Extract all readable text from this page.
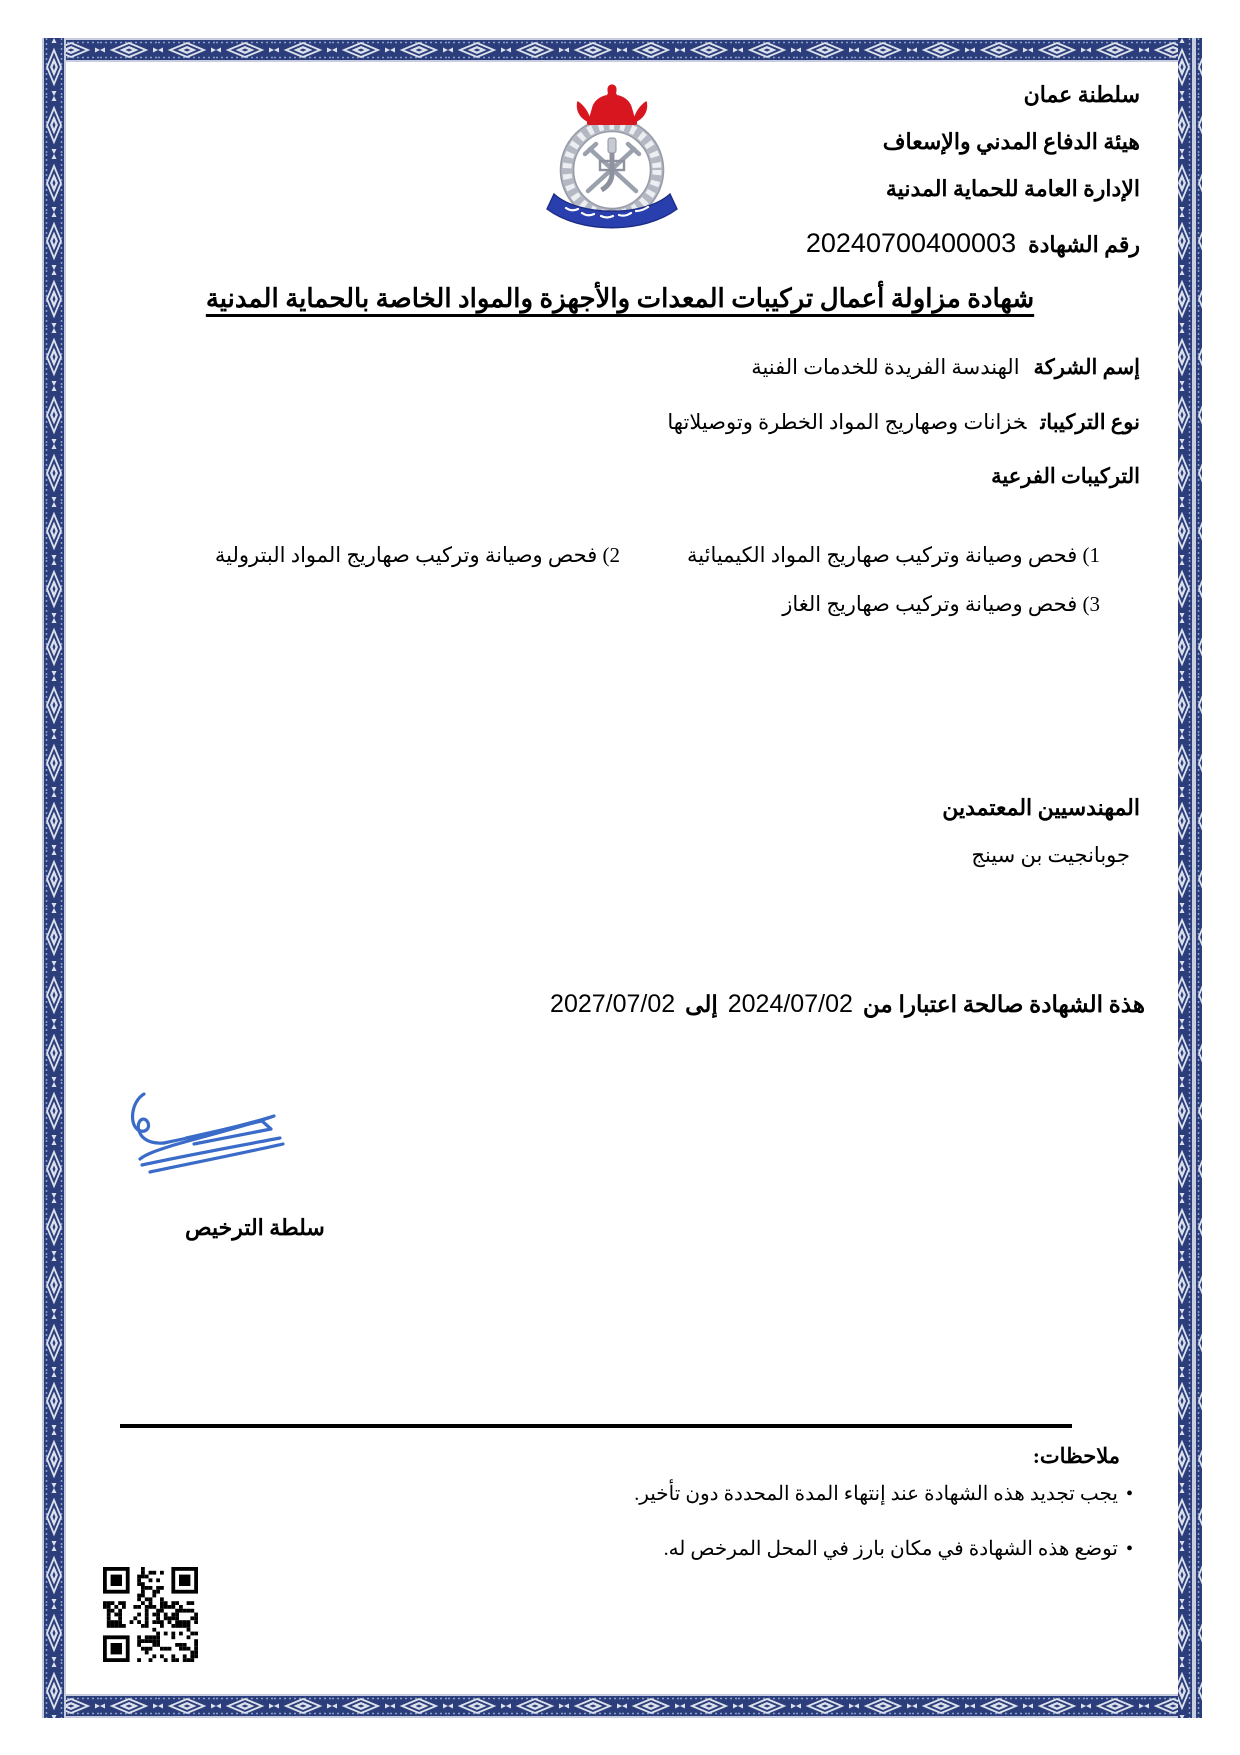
سلطنة عمان
هيئة الدفاع المدني والإسعاف
الإدارة العامة للحماية المدنية
رقم الشهادة20240700400003
شهادة مزاولة أعمال تركيبات المعدات والأجهزة والمواد الخاصة بالحماية المدنية
إسم الشركةالهندسة الفريدة للخدمات الفنية
نوع التركيباتخزانات وصهاريج المواد الخطرة وتوصيلاتها
التركيبات الفرعية
1) فحص وصيانة وتركيب صهاريج المواد الكيميائية
2) فحص وصيانة وتركيب صهاريج المواد البترولية
3) فحص وصيانة وتركيب صهاريج الغاز
المهندسيين المعتمدين
جوبانجيت بن سينج
هذة الشهادة صالحة اعتبارا من2024/07/02إلى2027/07/02
سلطة الترخيص
ملاحظات:
•يجب تجديد هذه الشهادة عند إنتهاء المدة المحددة دون تأخير.
•توضع هذه الشهادة في مكان بارز في المحل المرخص له.
